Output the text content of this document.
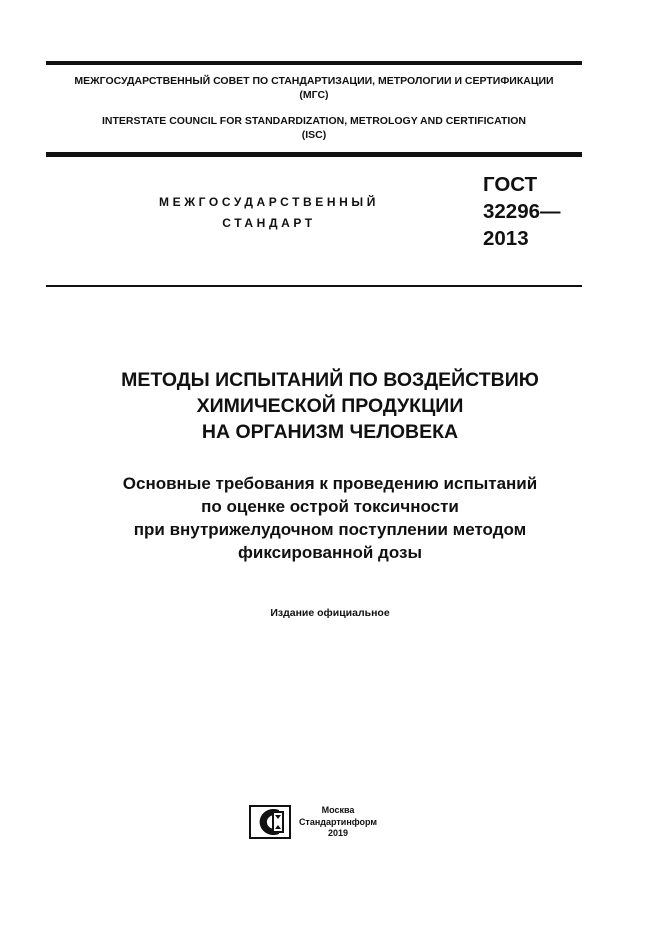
МЕЖГОСУДАРСТВЕННЫЙ СОВЕТ ПО СТАНДАРТИЗАЦИИ, МЕТРОЛОГИИ И СЕРТИФИКАЦИИ
(МГС)
INTERSTATE COUNCIL FOR STANDARDIZATION, METROLOGY AND CERTIFICATION
(ISC)
МЕЖГОСУДАРСТВЕННЫЙ
СТАНДАРТ
ГОСТ
32296—
2013
МЕТОДЫ ИСПЫТАНИЙ ПО ВОЗДЕЙСТВИЮ
ХИМИЧЕСКОЙ ПРОДУКЦИИ
НА ОРГАНИЗМ ЧЕЛОВЕКА
Основные требования к проведению испытаний
по оценке острой токсичности
при внутрижелудочном поступлении методом
фиксированной дозы
Издание официальное
Москва
Стандартинформ
2019
